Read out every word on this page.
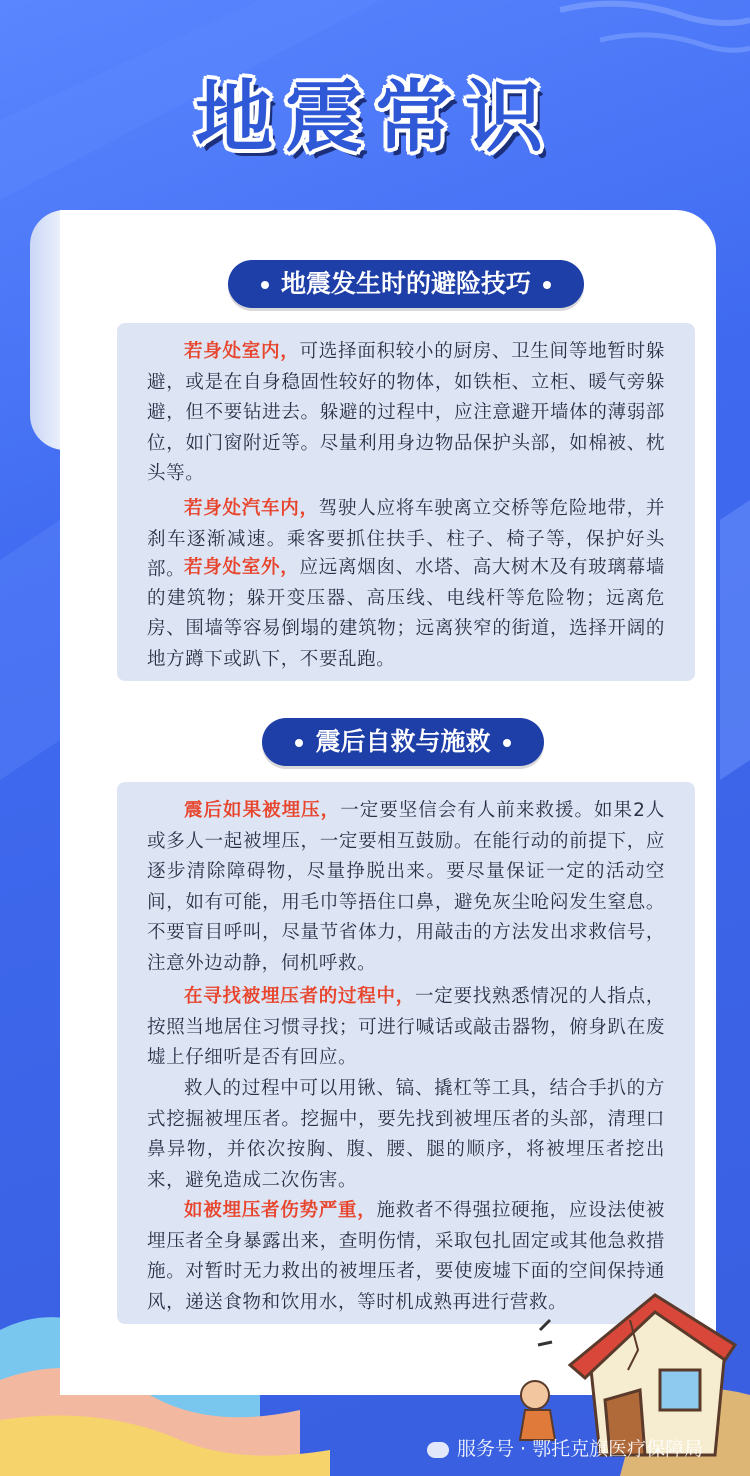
地震常识
地震发生时的避险技巧
若身处室内，可选择面积较小的厨房、卫生间等地暂时躲避，或是在自身稳固性较好的物体，如铁柜、立柜、暖气旁躲避，但不要钻进去。躲避的过程中，应注意避开墙体的薄弱部位，如门窗附近等。尽量利用身边物品保护头部，如棉被、枕头等。
若身处汽车内，驾驶人应将车驶离立交桥等危险地带，并刹车逐渐减速。乘客要抓住扶手、柱子、椅子等，保护好头部。
若身处室外，应远离烟囱、水塔、高大树木及有玻璃幕墙的建筑物；躲开变压器、高压线、电线杆等危险物；远离危房、围墙等容易倒塌的建筑物；远离狭窄的街道，选择开阔的地方蹲下或趴下，不要乱跑。
震后自救与施救
震后如果被埋压，一定要坚信会有人前来救援。如果2人或多人一起被埋压，一定要相互鼓励。在能行动的前提下，应逐步清除障碍物，尽量挣脱出来。要尽量保证一定的活动空间，如有可能，用毛巾等捂住口鼻，避免灰尘呛闷发生窒息。不要盲目呼叫，尽量节省体力，用敲击的方法发出求救信号，注意外边动静，伺机呼救。
在寻找被埋压者的过程中，一定要找熟悉情况的人指点，按照当地居住习惯寻找；可进行喊话或敲击器物，俯身趴在废墟上仔细听是否有回应。
救人的过程中可以用锹、镐、撬杠等工具，结合手扒的方式挖掘被埋压者。挖掘中，要先找到被埋压者的头部，清理口鼻异物，并依次按胸、腹、腰、腿的顺序，将被埋压者挖出来，避免造成二次伤害。
如被埋压者伤势严重，施救者不得强拉硬拖，应设法使被埋压者全身暴露出来，查明伤情，采取包扎固定或其他急救措施。对暂时无力救出的被埋压者，要使废墟下面的空间保持通风，递送食物和饮用水，等时机成熟再进行营救。
服务号 · 鄂托克旗医疗保障局
